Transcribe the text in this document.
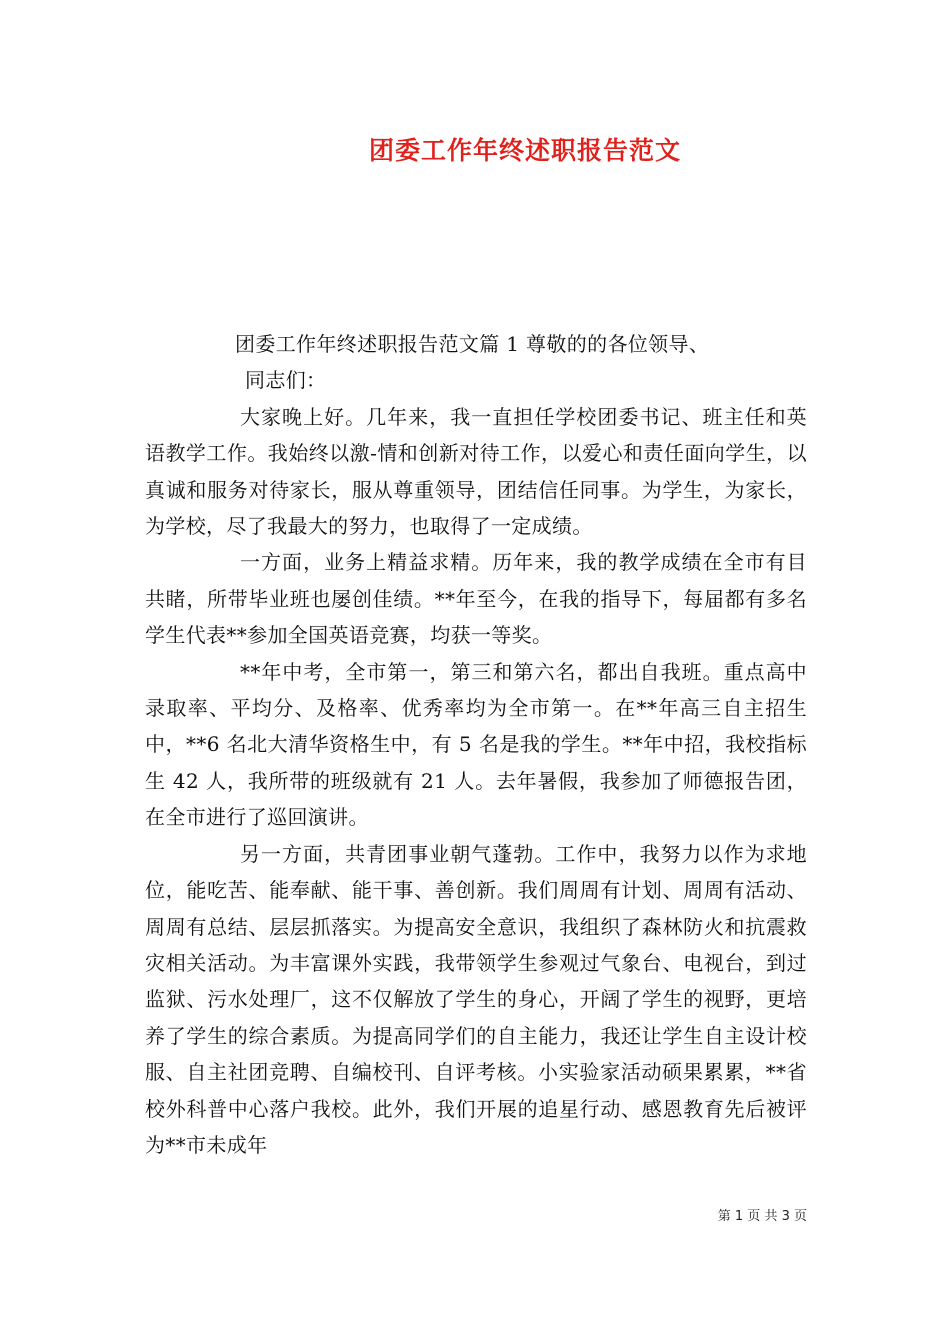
团委工作年终述职报告范文

团委工作年终述职报告范文篇 1 尊敬的的各位领导、

同志们：

大家晚上好。几年来，我一直担任学校团委书记、班主任和英语教学工作。我始终以激-情和创新对待工作，以爱心和责任面向学生，以真诚和服务对待家长，服从尊重领导，团结信任同事。为学生，为家长，为学校，尽了我最大的努力，也取得了一定成绩。

一方面，业务上精益求精。历年来，我的教学成绩在全市有目共睹，所带毕业班也屡创佳绩。**年至今，在我的指导下，每届都有多名学生代表**参加全国英语竞赛，均获一等奖。

**年中考，全市第一，第三和第六名，都出自我班。重点高中录取率、平均分、及格率、优秀率均为全市第一。在**年高三自主招生中，**6 名北大清华资格生中，有 5 名是我的学生。**年中招，我校指标生 42 人，我所带的班级就有 21 人。去年暑假，我参加了师德报告团，在全市进行了巡回演讲。

另一方面，共青团事业朝气蓬勃。工作中，我努力以作为求地位，能吃苦、能奉献、能干事、善创新。我们周周有计划、周周有活动、周周有总结、层层抓落实。为提高安全意识，我组织了森林防火和抗震救灾相关活动。为丰富课外实践，我带领学生参观过气象台、电视台，到过监狱、污水处理厂，这不仅解放了学生的身心，开阔了学生的视野，更培养了学生的综合素质。为提高同学们的自主能力，我还让学生自主设计校服、自主社团竞聘、自编校刊、自评考核。小实验家活动硕果累累，**省校外科普中心落户我校。此外，我们开展的追星行动、感恩教育先后被评为**市未成年

第 1 页 共 3 页
